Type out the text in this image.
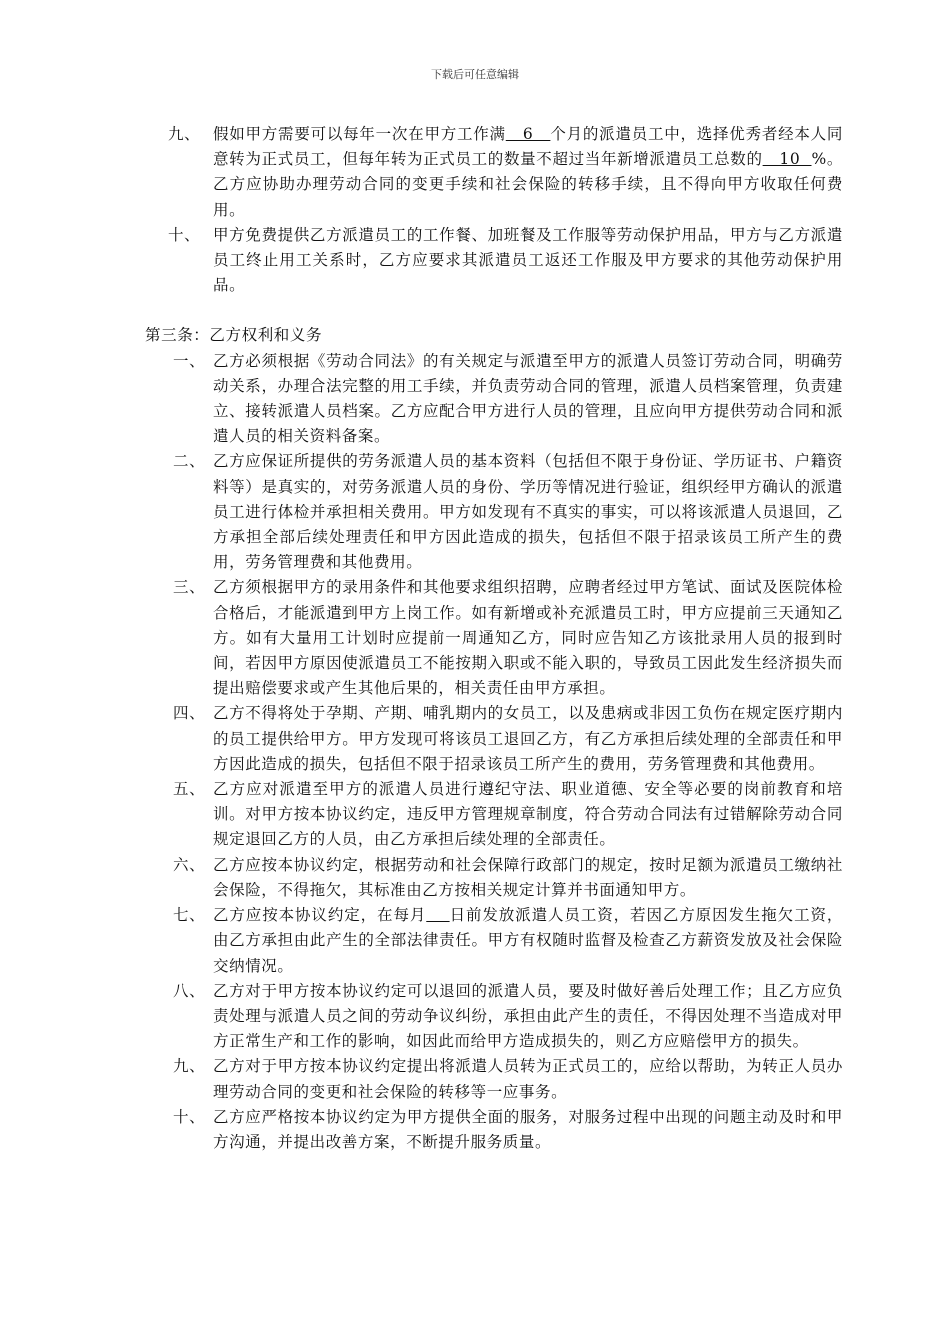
下载后可任意编辑
九、 假如甲方需要可以每年一次在甲方工作满   6   个月的派遣员工中，选择优秀者经本人同意转为正式员工，但每年转为正式员工的数量不超过当年新增派遣员工总数的   10  %。乙方应协助办理劳动合同的变更手续和社会保险的转移手续，且不得向甲方收取任何费用。
十、 甲方免费提供乙方派遣员工的工作餐、加班餐及工作服等劳动保护用品，甲方与乙方派遣员工终止用工关系时，乙方应要求其派遣员工返还工作服及甲方要求的其他劳动保护用品。
第三条：乙方权利和义务
一、 乙方必须根据《劳动合同法》的有关规定与派遣至甲方的派遣人员签订劳动合同，明确劳动关系，办理合法完整的用工手续，并负责劳动合同的管理，派遣人员档案管理，负责建立、接转派遣人员档案。乙方应配合甲方进行人员的管理，且应向甲方提供劳动合同和派遣人员的相关资料备案。
二、 乙方应保证所提供的劳务派遣人员的基本资料（包括但不限于身份证、学历证书、户籍资料等）是真实的，对劳务派遣人员的身份、学历等情况进行验证，组织经甲方确认的派遣员工进行体检并承担相关费用。甲方如发现有不真实的事实，可以将该派遣人员退回，乙方承担全部后续处理责任和甲方因此造成的损失，包括但不限于招录该员工所产生的费用，劳务管理费和其他费用。
三、 乙方须根据甲方的录用条件和其他要求组织招聘，应聘者经过甲方笔试、面试及医院体检合格后，才能派遣到甲方上岗工作。如有新增或补充派遣员工时，甲方应提前三天通知乙方。如有大量用工计划时应提前一周通知乙方，同时应告知乙方该批录用人员的报到时间，若因甲方原因使派遣员工不能按期入职或不能入职的，导致员工因此发生经济损失而提出赔偿要求或产生其他后果的，相关责任由甲方承担。
四、 乙方不得将处于孕期、产期、哺乳期内的女员工，以及患病或非因工负伤在规定医疗期内的员工提供给甲方。甲方发现可将该员工退回乙方，有乙方承担后续处理的全部责任和甲方因此造成的损失，包括但不限于招录该员工所产生的费用，劳务管理费和其他费用。
五、 乙方应对派遣至甲方的派遣人员进行遵纪守法、职业道德、安全等必要的岗前教育和培训。对甲方按本协议约定，违反甲方管理规章制度，符合劳动合同法有过错解除劳动合同规定退回乙方的人员，由乙方承担后续处理的全部责任。
六、 乙方应按本协议约定，根据劳动和社会保障行政部门的规定，按时足额为派遣员工缴纳社会保险，不得拖欠，其标准由乙方按相关规定计算并书面通知甲方。
七、 乙方应按本协议约定，在每月 日前发放派遣人员工资，若因乙方原因发生拖欠工资，由乙方承担由此产生的全部法律责任。甲方有权随时监督及检查乙方薪资发放及社会保险交纳情况。
八、 乙方对于甲方按本协议约定可以退回的派遣人员，要及时做好善后处理工作；且乙方应负责处理与派遣人员之间的劳动争议纠纷，承担由此产生的责任，不得因处理不当造成对甲方正常生产和工作的影响，如因此而给甲方造成损失的，则乙方应赔偿甲方的损失。
九、 乙方对于甲方按本协议约定提出将派遣人员转为正式员工的，应给以帮助，为转正人员办理劳动合同的变更和社会保险的转移等一应事务。
十、 乙方应严格按本协议约定为甲方提供全面的服务，对服务过程中出现的问题主动及时和甲方沟通，并提出改善方案，不断提升服务质量。
